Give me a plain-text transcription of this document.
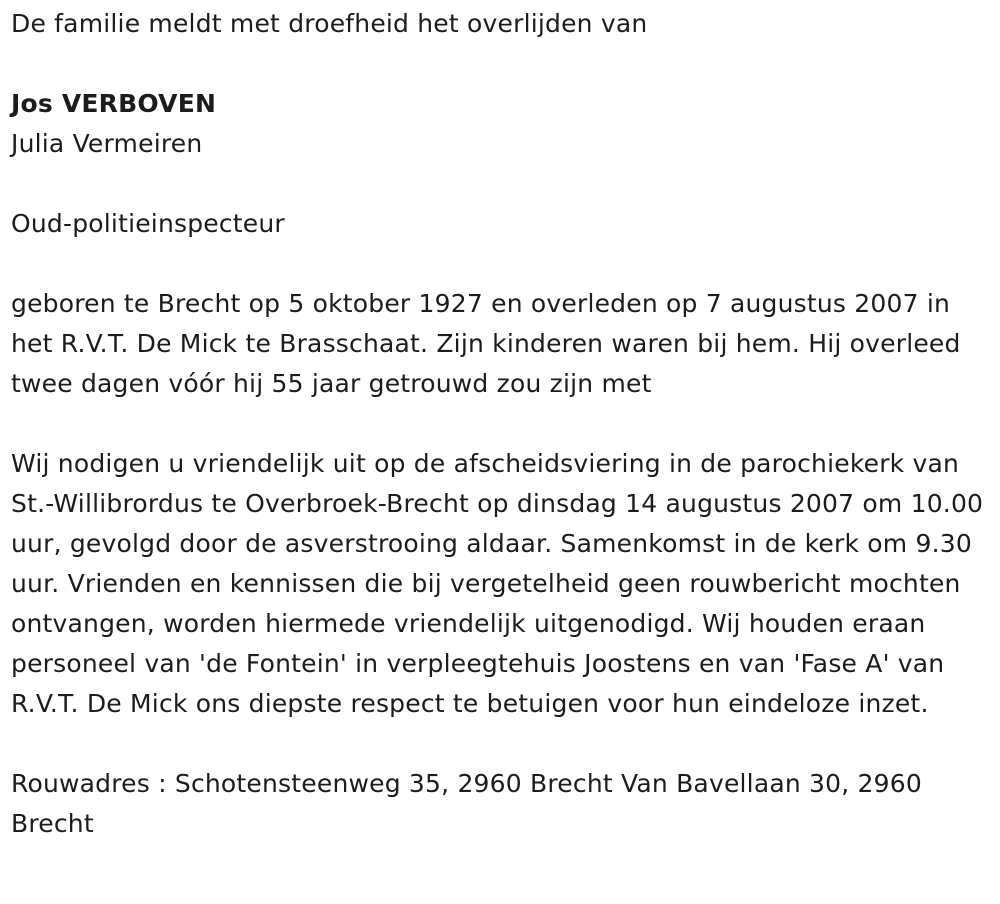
De familie meldt met droefheid het overlijden van

Jos VERBOVEN

Julia Vermeiren

Oud-politieinspecteur

geboren te Brecht op 5 oktober 1927 en overleden op 7 augustus 2007 in het R.V.T. De Mick te Brasschaat. Zijn kinderen waren bij hem. Hij overleed twee dagen vóór hij 55 jaar getrouwd zou zijn met

Wij nodigen u vriendelijk uit op de afscheidsviering in de parochiekerk van St.-Willibrordus te Overbroek-Brecht op dinsdag 14 augustus 2007 om 10.00 uur, gevolgd door de asverstrooing aldaar. Samenkomst in de kerk om 9.30 uur. Vrienden en kennissen die bij vergetelheid geen rouwbericht mochten ontvangen, worden hiermede vriendelijk uitgenodigd. Wij houden eraan personeel van 'de Fontein' in verpleegtehuis Joostens en van 'Fase A' van R.V.T. De Mick ons diepste respect te betuigen voor hun eindeloze inzet.

Rouwadres : Schotensteenweg 35, 2960 Brecht Van Bavellaan 30, 2960 Brecht
